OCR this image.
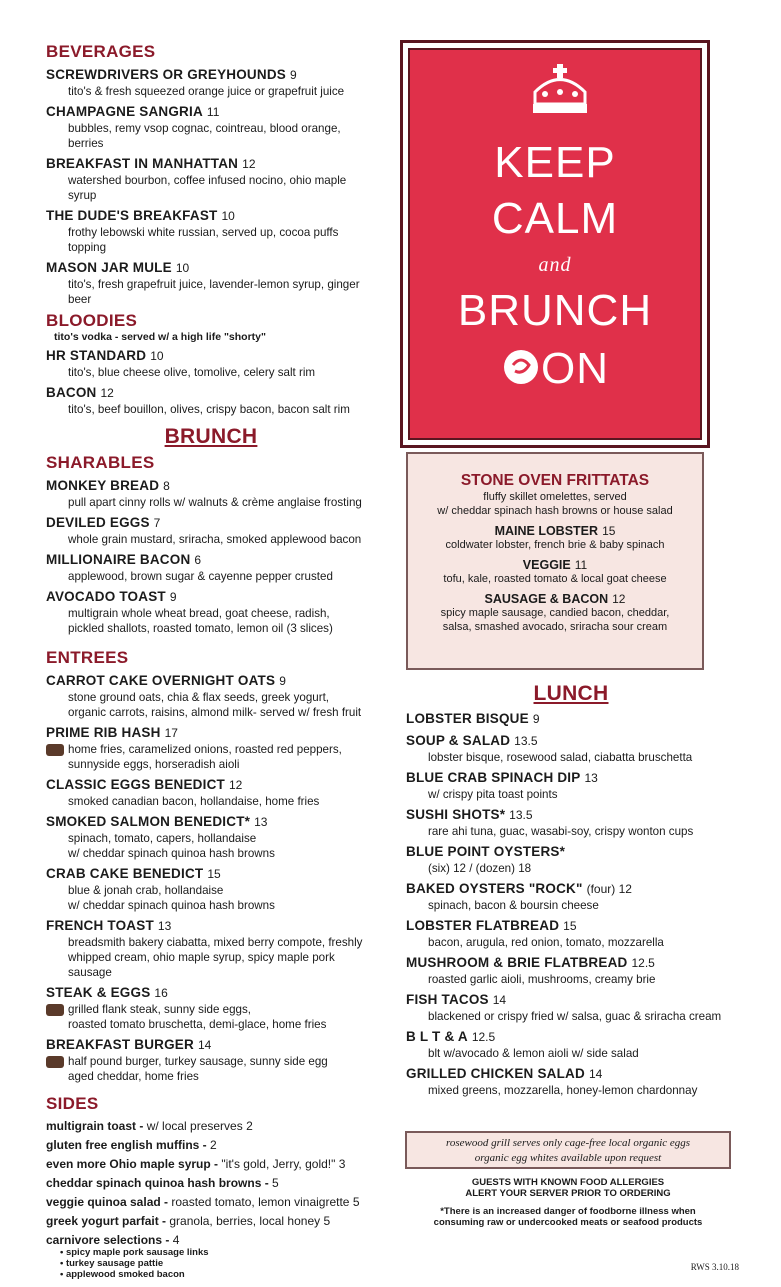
BEVERAGES
SCREWDRIVERS OR GREYHOUNDS 9
tito's & fresh squeezed orange juice or grapefruit juice
CHAMPAGNE SANGRIA 11
bubbles, remy vsop cognac, cointreau, blood orange, berries
BREAKFAST IN MANHATTAN 12
watershed bourbon, coffee infused nocino, ohio maple syrup
THE DUDE'S BREAKFAST 10
frothy lebowski white russian, served up, cocoa puffs topping
MASON JAR MULE 10
tito's, fresh grapefruit juice, lavender-lemon syrup, ginger beer
BLOODIES
tito's vodka - served w/ a high life "shorty"
HR STANDARD 10
tito's, blue cheese olive, tomolive, celery salt rim
BACON 12
tito's, beef bouillon, olives, crispy bacon, bacon salt rim
BRUNCH
SHARABLES
MONKEY BREAD 8
pull apart cinny rolls w/ walnuts & crème anglaise frosting
DEVILED EGGS 7
whole grain mustard, sriracha, smoked applewood bacon
MILLIONAIRE BACON 6
applewood, brown sugar & cayenne pepper crusted
AVOCADO TOAST 9
multigrain whole wheat bread, goat cheese, radish,
pickled shallots, roasted tomato, lemon oil (3 slices)
ENTREES
CARROT CAKE OVERNIGHT OATS 9
stone ground oats, chia & flax seeds, greek yogurt,
organic carrots, raisins, almond milk- served w/ fresh fruit
PRIME RIB HASH 17
home fries, caramelized onions, roasted red peppers,
sunnyside eggs, horseradish aioli
CLASSIC EGGS BENEDICT 12
smoked canadian bacon, hollandaise, home fries
SMOKED SALMON BENEDICT* 13
spinach, tomato, capers, hollandaise
w/ cheddar spinach quinoa hash browns
CRAB CAKE BENEDICT 15
blue & jonah crab, hollandaise
w/ cheddar spinach quinoa hash browns
FRENCH TOAST 13
breadsmith bakery ciabatta, mixed berry compote, freshly
whipped cream, ohio maple syrup, spicy maple pork sausage
STEAK & EGGS 16
grilled flank steak, sunny side eggs,
roasted tomato bruschetta, demi-glace, home fries
BREAKFAST BURGER 14
half pound burger, turkey sausage, sunny side egg
aged cheddar, home fries
SIDES
multigrain toast - w/ local preserves 2
gluten free english muffins - 2
even more Ohio maple syrup - "it's gold, Jerry, gold!" 3
cheddar spinach quinoa hash browns - 5
veggie quinoa salad - roasted tomato, lemon vinaigrette 5
greek yogurt parfait - granola, berries, local honey 5
carnivore selections - 4
• spicy maple pork sausage links
• turkey sausage pattie
• applewood smoked bacon
KEEP
CALM
and
BRUNCH
ON
STONE OVEN FRITTATAS
fluffy skillet omelettes, served
w/ cheddar spinach hash browns or house salad
MAINE LOBSTER 15
coldwater lobster, french brie & baby spinach
VEGGIE 11
tofu, kale, roasted tomato & local goat cheese
SAUSAGE & BACON 12
spicy maple sausage, candied bacon, cheddar,
salsa, smashed avocado, sriracha sour cream
LUNCH
LOBSTER BISQUE 9
SOUP & SALAD 13.5
lobster bisque, rosewood salad, ciabatta bruschetta
BLUE CRAB SPINACH DIP 13
w/ crispy pita toast points
SUSHI SHOTS* 13.5
rare ahi tuna, guac, wasabi-soy, crispy wonton cups
BLUE POINT OYSTERS*
(six) 12 / (dozen) 18
BAKED OYSTERS "ROCK" (four) 12
spinach, bacon & boursin cheese
LOBSTER FLATBREAD 15
bacon, arugula, red onion, tomato, mozzarella
MUSHROOM & BRIE FLATBREAD 12.5
roasted garlic aioli, mushrooms, creamy brie
FISH TACOS 14
blackened or crispy fried w/ salsa, guac & sriracha cream
B L T & A 12.5
blt w/avocado & lemon aioli w/ side salad
GRILLED CHICKEN SALAD 14
mixed greens, mozzarella, honey-lemon chardonnay
rosewood grill serves only cage-free local organic eggs
organic egg whites available upon request
GUESTS WITH KNOWN FOOD ALLERGIES
ALERT YOUR SERVER PRIOR TO ORDERING
*There is an increased danger of foodborne illness when
consuming raw or undercooked meats or seafood products
RWS 3.10.18
